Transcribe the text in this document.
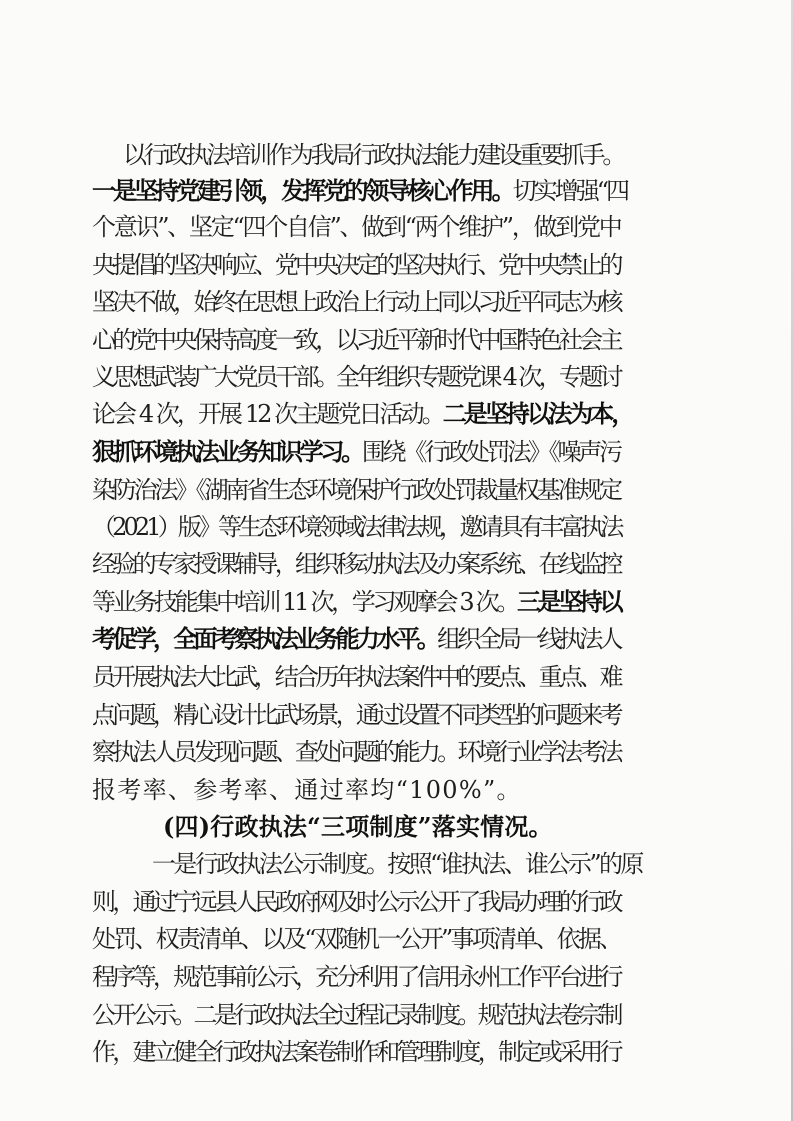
以行政执法培训作为我局行政执法能力建设重要抓手。
一是坚持党建引领，发挥党的领导核心作用。切实增强“四
个意识”、坚定“四个自信”、做到“两个维护”，做到党中
央提倡的坚决响应、党中央决定的坚决执行、党中央禁止的
坚决不做，始终在思想上政治上行动上同以习近平同志为核
心的党中央保持高度一致，以习近平新时代中国特色社会主
义思想武装广大党员干部。全年组织专题党课 4 次，专题讨
论会 4 次，开展 12 次主题党日活动。二是坚持以法为本，
狠抓环境执法业务知识学习。围绕《行政处罚法》《噪声污
染防治法》《湖南省生态环境保护行政处罚裁量权基准规定
（2021）版》等生态环境领域法律法规，邀请具有丰富执法
经验的专家授课辅导，组织移动执法及办案系统、在线监控
等业务技能集中培训 11 次，学习观摩会 3 次。三是坚持以
考促学，全面考察执法业务能力水平。组织全局一线执法人
员开展执法大比武，结合历年执法案件中的要点、重点、难
点问题，精心设计比武场景，通过设置不同类型的问题来考
察执法人员发现问题、查处问题的能力。环境行业学法考法
报考率、参考率、通过率均“100%”。
(四)行政执法“三项制度”落实情况。
一是行政执法公示制度。按照“谁执法、谁公示”的原
则，通过宁远县人民政府网及时公示公开了我局办理的行政
处罚、权责清单、以及“双随机一公开”事项清单、依据、
程序等，规范事前公示，充分利用了信用永州工作平台进行
公开公示。二是行政执法全过程记录制度。规范执法卷宗制
作，建立健全行政执法案卷制作和管理制度，制定或采用行
